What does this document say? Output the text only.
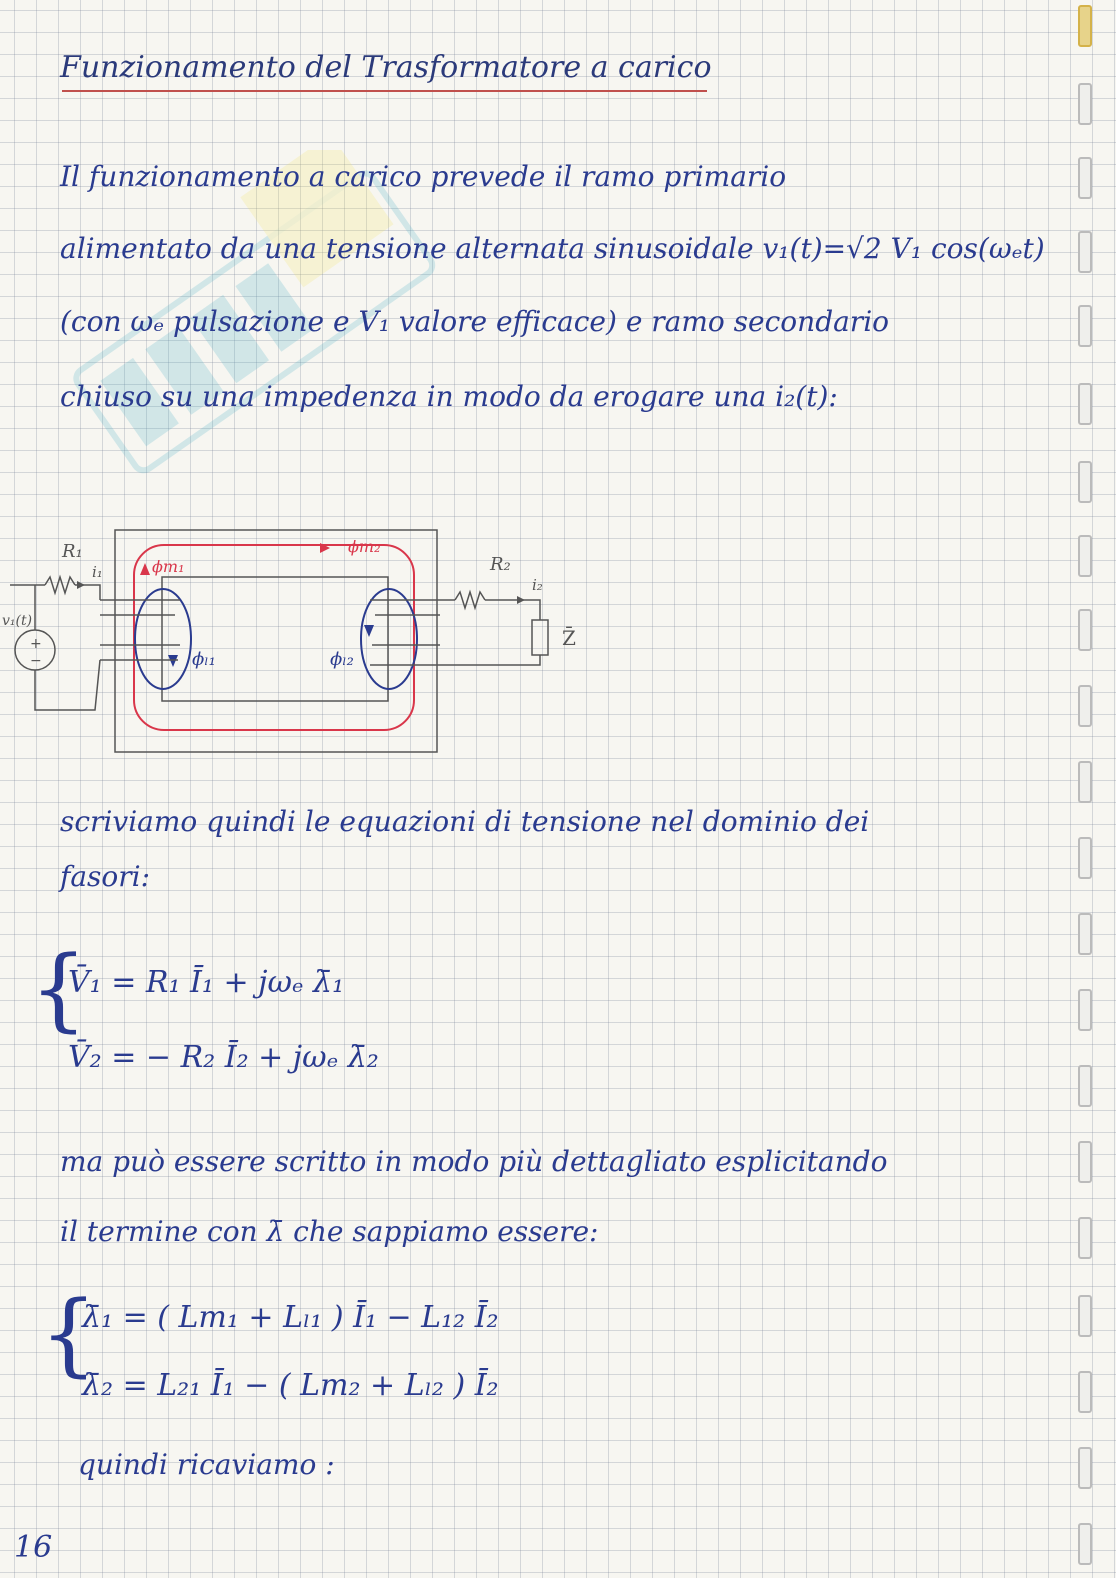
Funzionamento del Trasformatore a carico
Il funzionamento a carico prevede il ramo primario
alimentato da una tensione alternata sinusoidale v₁(t)=√2 V₁ cos(ωₑt)
(con ωₑ pulsazione e V₁ valore efficace) e ramo secondario
chiuso su una impedenza in modo da erogare una i₂(t):
R₁
i₁
v₁(t)
+
−
ϕm₁
ϕm₂
ϕₗ₁	ϕₗ₂
R₂
i₂
Z̄
scriviamo quindi le equazioni di tensione nel dominio dei
fasori:
{
V̄₁ = R₁ Ī₁ + jωₑ λ̄₁
V̄₂ = − R₂ Ī₂ + jωₑ λ̄₂
ma può essere scritto in modo più dettagliato esplicitando
il termine con λ̄ che sappiamo essere:
{
λ̄₁ = ( Lm₁ + Lₗ₁ ) Ī₁ − L₁₂ Ī₂
λ̄₂ = L₂₁ Ī₁ − ( Lm₂ + Lₗ₂ ) Ī₂
quindi ricaviamo :
16
